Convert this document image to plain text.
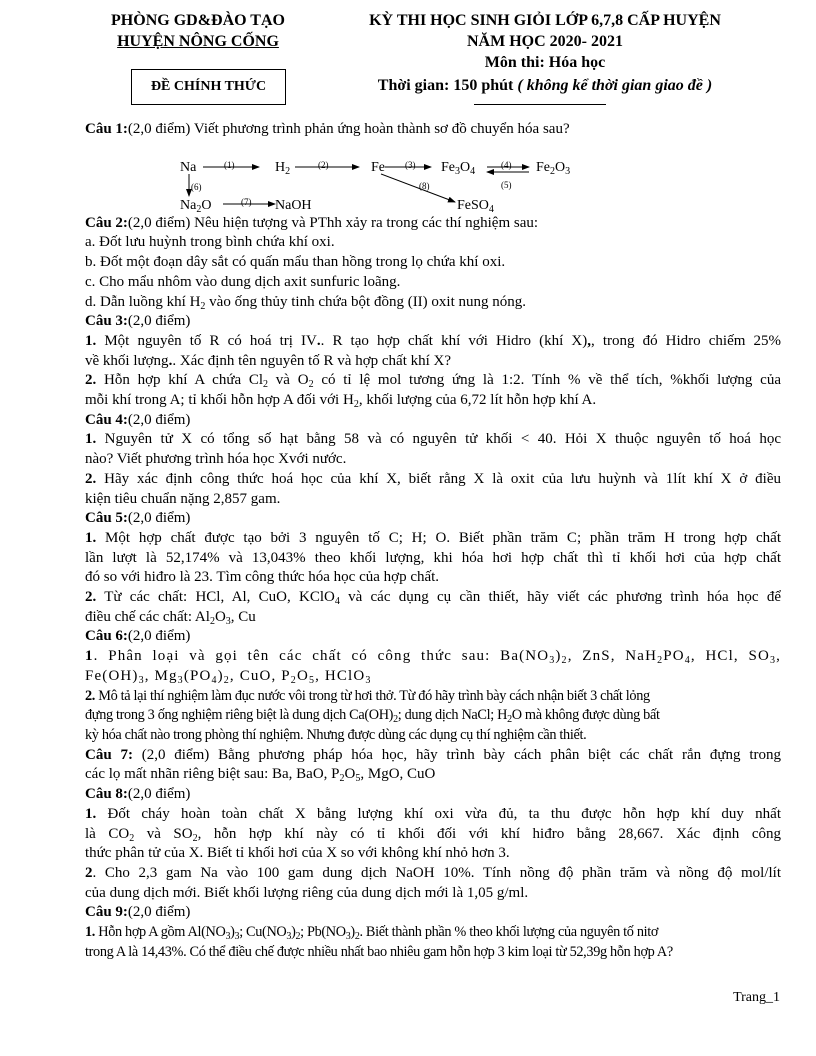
PHÒNG GD&ĐÀO TẠO
HUYỆN NÔNG CỐNG
ĐỀ CHÍNH THỨC
KỲ THI HỌC SINH GIỎI LỚP 6,7,8 CẤP HUYỆN
NĂM HỌC 2020- 2021
Môn thi: Hóa học
Thời gian: 150 phút ( không kể thời gian giao đề )
Câu 1:(2,0 điểm) Viết phương trình phản ứng hoàn thành sơ đồ chuyển hóa sau?
Na	$H_2$	Fe	$Fe_3O_4$	$Fe_2O_3$
$Na_2O$	NaOH	FeSO$_4$
(1)	(2)	(3)	(4)
(5)
(6)
(7)
(8)
Câu 2:(2,0 điểm) Nêu hiện tượng và PThh xảy ra trong các thí nghiệm sau:
a. Đốt lưu huỳnh trong bình chứa khí oxi.
b. Đốt một đoạn dây sắt có quấn mẩu than hồng trong lọ chứa khí oxi.
c. Cho mẩu nhôm vào dung dịch axit sunfuric loãng.
d. Dẫn luồng khí $H_2$ vào ống thủy tinh chứa bột đồng (II) oxit nung nóng.
Câu 3:(2,0 điểm)
1. Một nguyên tố R có hoá trị IV.. R tạo hợp chất khí với Hidro (khí X),, trong đó Hidro chiếm 25%
về khối lượng.. Xác định tên nguyên tố R và hợp chất khí X?
2. Hỗn hợp khí A chứa $Cl_2$ và $O_2$ có tỉ lệ mol tương ứng là 1:2. Tính % về thể tích, %khối lượng của
mỗi khí trong A; tỉ khối hỗn hợp A đối với $H_2$, khối lượng của 6,72 lít hỗn hợp khí A.
Câu 4:(2,0 điểm)
1. Nguyên tử X có tổng số hạt bằng 58 và có nguyên tử khối < 40. Hỏi X thuộc nguyên tố hoá học
nào? Viết phương trình hóa học Xvới nước.
2. Hãy xác định công thức hoá học của khí X, biết rằng X là oxit của lưu huỳnh và 1lít khí X ở điều
kiện tiêu chuẩn nặng 2,857 gam.
Câu 5:(2,0 điểm)
1. Một hợp chất được tạo bởi 3 nguyên tố C; H; O. Biết phần trăm C; phần trăm H trong hợp chất
lần lượt là 52,174% và 13,043% theo khối lượng, khi hóa hơi hợp chất thì tỉ khối hơi của hợp chất
đó so với hiđro là 23. Tìm công thức hóa học của hợp chất.
2. Từ các chất: HCl, Al, CuO, KClO$_4$ và các dụng cụ cần thiết, hãy viết các phương trình hóa học để
điều chế các chất: $Al_2O_3$, Cu
Câu 6:(2,0 điểm)
1. Phân loại và gọi tên các chất có công thức sau: $Ba(NO_3)_2$, ZnS, $NaH_2PO_4$, HCl, $SO_3$,
$Fe(OH)_3$, $Mg_3(PO_4)_2$, CuO, $P_2O_5$, HClO$_3$
2. Mô tả lại thí nghiệm làm đục nước vôi trong từ hơi thở. Từ đó hãy trình bày cách nhận biết 3 chất lỏng
đựng trong 3 ống nghiệm riêng biệt là dung dịch $Ca(OH)_2$; dung dịch NaCl; $H_2O$ mà không được dùng bất
kỳ hóa chất nào trong phòng thí nghiệm. Nhưng được dùng các dụng cụ thí nghiệm cần thiết.
Câu 7: (2,0 điểm) Bằng phương pháp hóa học, hãy trình bày cách phân biệt các chất rắn đựng trong
các lọ mất nhãn riêng biệt sau: Ba, BaO, $P_2O_5$, MgO, CuO
Câu 8:(2,0 điểm)
1. Đốt cháy hoàn toàn chất X bằng lượng khí oxi vừa đủ, ta thu được hỗn hợp khí duy nhất
là $CO_2$ và $SO_2$, hỗn hợp khí này có tỉ khối đối với khí hiđro bằng 28,667. Xác định công
thức phân tử của X. Biết tỉ khối hơi của X so với không khí nhỏ hơn 3.
2. Cho 2,3 gam Na vào 100 gam dung dịch NaOH 10%. Tính nồng độ phần trăm và nồng độ mol/lít
của dung dịch mới. Biết khối lượng riêng của dung dịch mới là 1,05 g/ml.
Câu 9:(2,0 điểm)
1. Hỗn hợp A gồm $Al(NO_3)_3$; $Cu(NO_3)_2$; $Pb(NO_3)_2$. Biết thành phần % theo khối lượng của nguyên tố nitơ
trong A là 14,43%. Có thể điều chế được nhiều nhất bao nhiêu gam hỗn hợp 3 kim loại từ 52,39g hỗn hợp A?
Trang_1
